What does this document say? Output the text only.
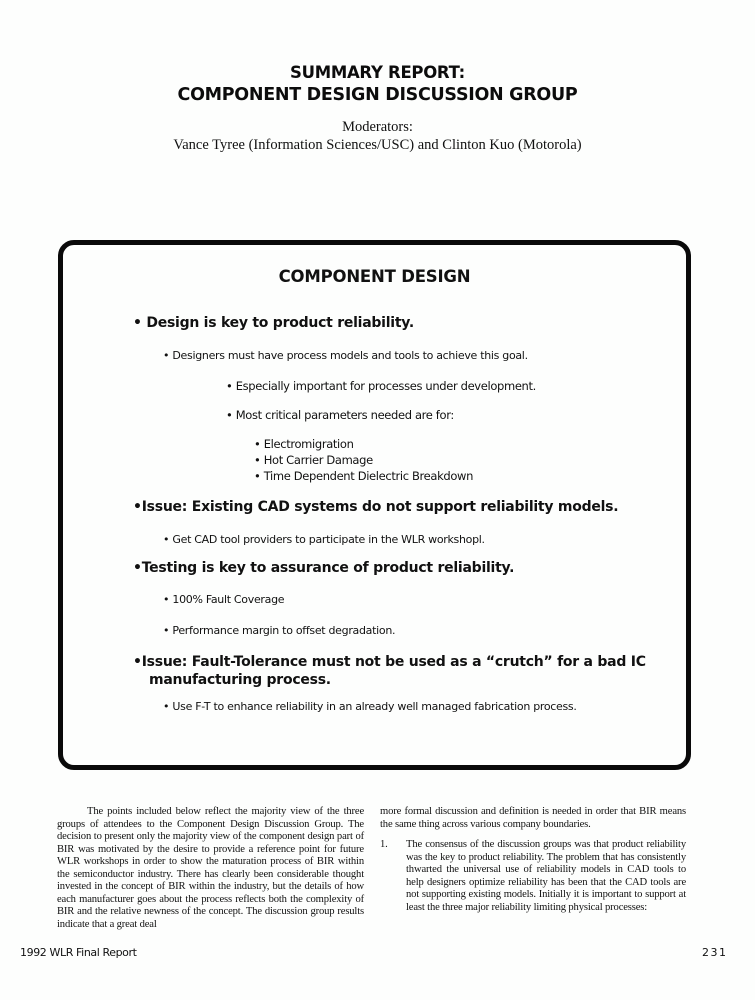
SUMMARY REPORT:
COMPONENT DESIGN DISCUSSION GROUP
Moderators:
Vance Tyree (Information Sciences/USC) and Clinton Kuo (Motorola)
COMPONENT DESIGN
• Design is key to product reliability.
• Designers must have process models and tools to achieve this goal.
• Especially important for processes under development.
• Most critical parameters needed are for:
• Electromigration
• Hot Carrier Damage
• Time Dependent Dielectric Breakdown
•Issue: Existing CAD systems do not support reliability models.
• Get CAD tool providers to participate in the WLR workshopl.
•Testing is key to assurance of product reliability.
• 100% Fault Coverage
• Performance margin to offset degradation.
•Issue: Fault-Tolerance must not be used as a “crutch” for a bad IC
manufacturing process.
• Use F-T to enhance reliability in an already well managed fabrication process.

The points included below reflect the majority view of the three groups of attendees to the Component Design Discussion Group. The decision to present only the majority view of the component design part of BIR was motivated by the desire to provide a reference point for future WLR workshops in order to show the maturation process of BIR within the semiconductor industry. There has clearly been considerable thought invested in the concept of BIR within the industry, but the details of how each manufacturer goes about the process reflects both the complexity of BIR and the relative newness of the concept. The discussion group results indicate that a great deal

more formal discussion and definition is needed in order that BIR means the same thing across various company boundaries.

1. The consensus of the discussion groups was that product reliability was the key to product reliability. The problem that has consistently thwarted the universal use of reliability models in CAD tools to help designers optimize reliability has been that the CAD tools are not supporting existing models. Initially it is important to support at least the three major reliability limiting physical processes:
1992 WLR Final Report	231
